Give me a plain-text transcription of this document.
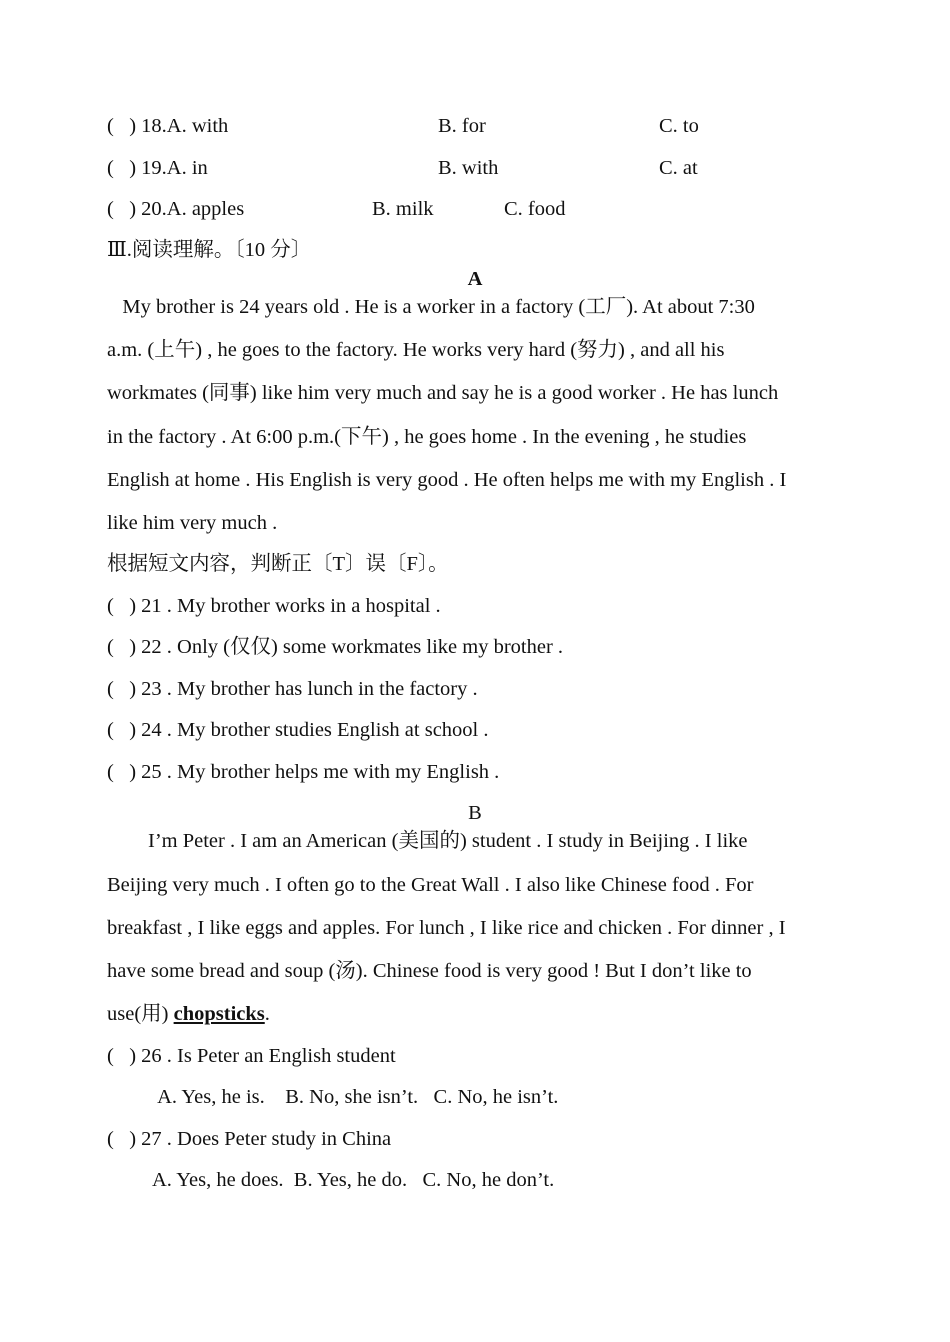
(   ) 18.A. with	B. for	C. to
(   ) 19.A. in	B. with	C. at
(   ) 20.A. apples	B. milk	C. food
Ⅲ.阅读理解。〔10 分〕
A
My brother is 24 years old . He is a worker in a factory (工厂). At about 7:30
a.m. (上午) , he goes to the factory. He works very hard (努力) , and all his
workmates (同事) like him very much and say he is a good worker . He has lunch
in the factory . At 6:00 p.m.(下午) , he goes home . In the evening , he studies
English at home . His English is very good . He often helps me with my English . I
like him very much .
根据短文内容，判断正〔T〕误〔F〕。
(   ) 21 . My brother works in a hospital .
(   ) 22 . Only (仅仅) some workmates like my brother .
(   ) 23 . My brother has lunch in the factory .
(   ) 24 . My brother studies English at school .
(   ) 25 . My brother helps me with my English .
B
I’m Peter . I am an American (美国的) student . I study in Beijing . I like
Beijing very much . I often go to the Great Wall . I also like Chinese food . For
breakfast , I like eggs and apples. For lunch , I like rice and chicken . For dinner , I
have some bread and soup (汤). Chinese food is very good ! But I don’t like to
use(用) chopsticks.
(   ) 26 . Is Peter an English student
A. Yes, he is.    B. No, she isn’t.   C. No, he isn’t.
(   ) 27 . Does Peter study in China
A. Yes, he does.  B. Yes, he do.   C. No, he don’t.
